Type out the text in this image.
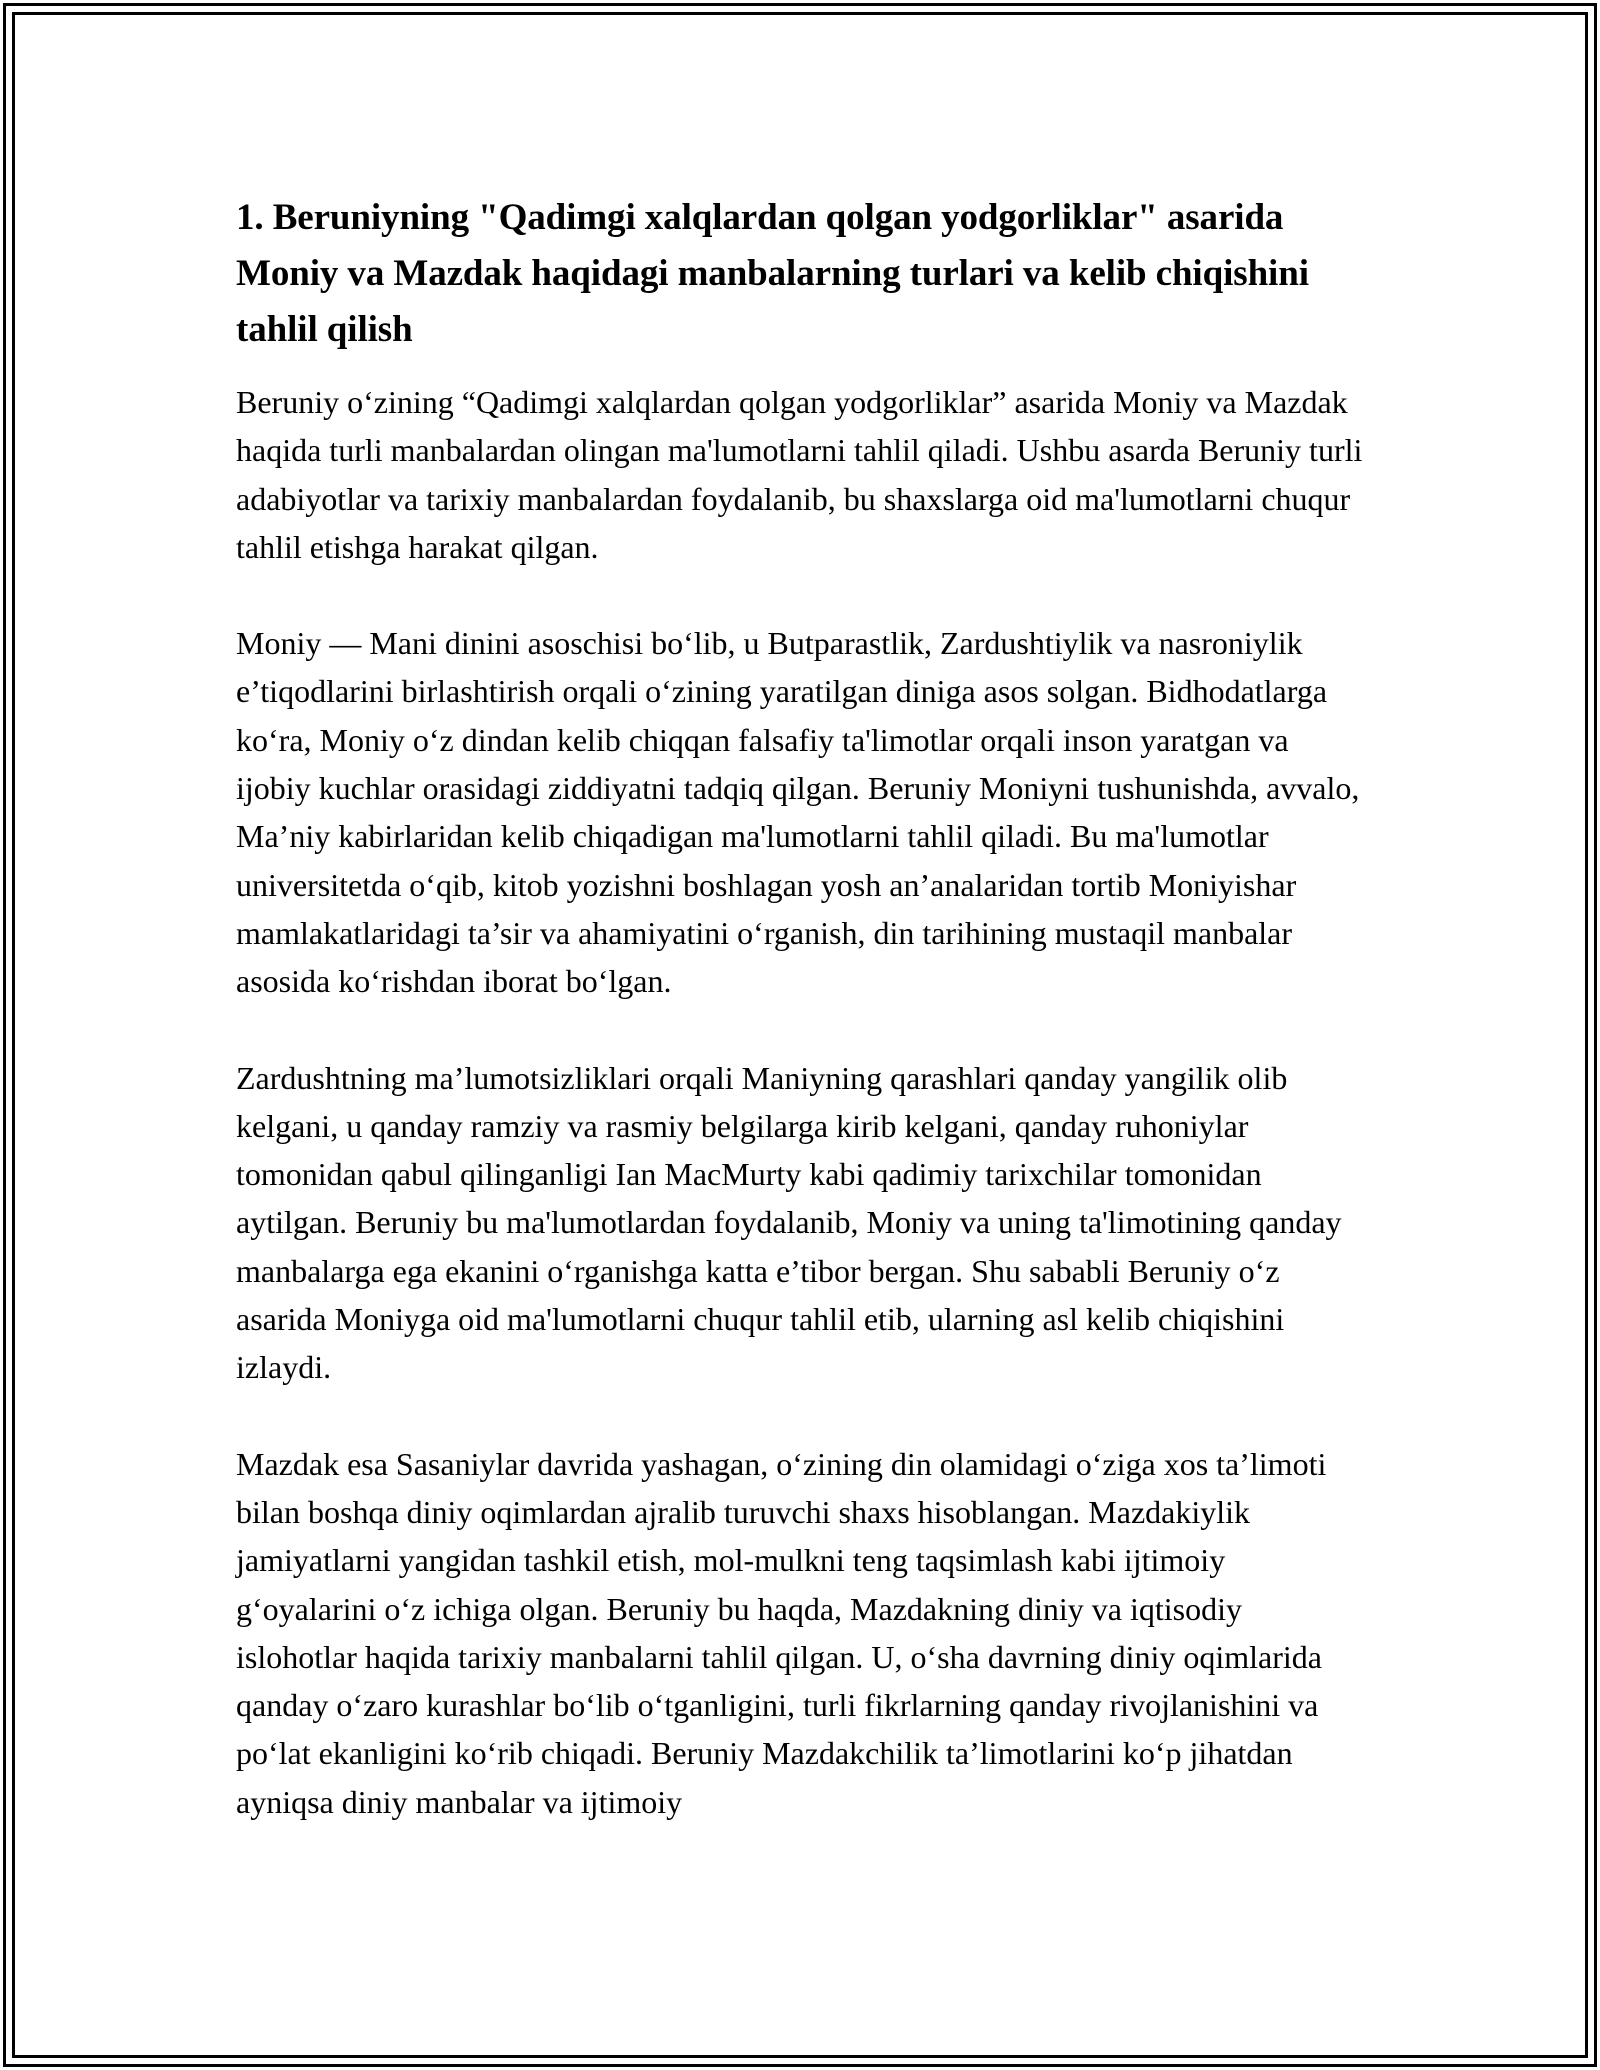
1. Beruniyning "Qadimgi xalqlardan qolgan yodgorliklar" asarida Moniy va Mazdak haqidagi manbalarning turlari va kelib chiqishini tahlil qilish

Beruniy o‘zining “Qadimgi xalqlardan qolgan yodgorliklar” asarida Moniy va Mazdak haqida turli manbalardan olingan ma'lumotlarni tahlil qiladi. Ushbu asarda Beruniy turli adabiyotlar va tarixiy manbalardan foydalanib, bu shaxslarga oid ma'lumotlarni chuqur tahlil etishga harakat qilgan.

Moniy — Mani dinini asoschisi bo‘lib, u Butparastlik, Zardushtiylik va nasroniylik e’tiqodlarini birlashtirish orqali o‘zining yaratilgan diniga asos solgan. Bidhodatlarga ko‘ra, Moniy o‘z dindan kelib chiqqan falsafiy ta'limotlar orqali inson yaratgan va ijobiy kuchlar orasidagi ziddiyatni tadqiq qilgan. Beruniy Moniyni tushunishda, avvalo, Ma’niy kabirlaridan kelib chiqadigan ma'lumotlarni tahlil qiladi. Bu ma'lumotlar universitetda o‘qib, kitob yozishni boshlagan yosh an’analaridan tortib Moniyishar mamlakatlaridagi ta’sir va ahamiyatini o‘rganish, din tarihining mustaqil manbalar asosida ko‘rishdan iborat bo‘lgan.

Zardushtning ma’lumotsizliklari orqali Maniyning qarashlari qanday yangilik olib kelgani, u qanday ramziy va rasmiy belgilarga kirib kelgani, qanday ruhoniylar tomonidan qabul qilinganligi Ian MacMurty kabi qadimiy tarixchilar tomonidan aytilgan. Beruniy bu ma'lumotlardan foydalanib, Moniy va uning ta'limotining qanday manbalarga ega ekanini o‘rganishga katta e’tibor bergan. Shu sababli Beruniy o‘z asarida Moniyga oid ma'lumotlarni chuqur tahlil etib, ularning asl kelib chiqishini izlaydi.

Mazdak esa Sasaniylar davrida yashagan, o‘zining din olamidagi o‘ziga xos ta’limoti bilan boshqa diniy oqimlardan ajralib turuvchi shaxs hisoblangan. Mazdakiylik jamiyatlarni yangidan tashkil etish, mol-mulkni teng taqsimlash kabi ijtimoiy g‘oyalarini o‘z ichiga olgan. Beruniy bu haqda, Mazdakning diniy va iqtisodiy islohotlar haqida tarixiy manbalarni tahlil qilgan. U, o‘sha davrning diniy oqimlarida qanday o‘zaro kurashlar bo‘lib o‘tganligini, turli fikrlarning qanday rivojlanishini va po‘lat ekanligini ko‘rib chiqadi. Beruniy Mazdakchilik ta’limotlarini ko‘p jihatdan ayniqsa diniy manbalar va ijtimoiy
